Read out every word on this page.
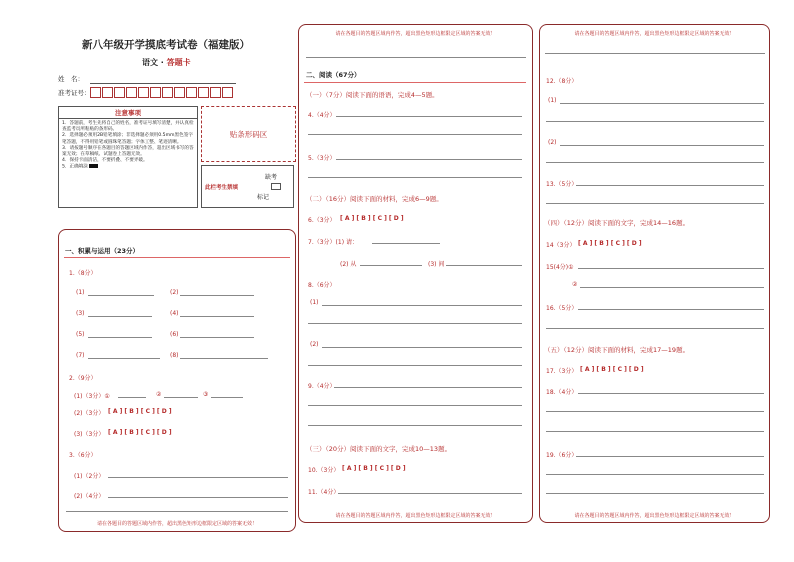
新八年级开学摸底考试卷（福建版）
语文 · 答题卡
姓　名：
准考证号：
注意事项
1．答题前，考生先将自己的姓名，准考证号填写清楚，并认真检查监考员所粘贴的条形码。
2．选择题必须用2B铅笔填涂；非选择题必须用0.5mm黑色签字笔答题，不得用铅笔或圆珠笔答题；字体工整、笔迹清晰。
3．请按题号顺序在各题目的答题区域内作答，超出区域书写的答案无效；在草稿纸、试题卷上答题无效。
4．保持卡面清洁，不要折叠、不要弄破。
5．正确填涂
贴条形码区
此栏考生禁填
缺考
标记
一、积累与运用（23分）
1.（8分）
(1)	(2)
(3)	(4)
(5)	(6)
(7)	(8)
2.（9分）
(1)（3分）①	②	③
(2)（3分） [ A ] [ B ] [ C ] [ D ]
(3)（3分） [ A ] [ B ] [ C ] [ D ]
3.（6分）
(1)（2分）
(2)（4分）
请在各题目的答题区域内作答，超出黑色矩形边框限定区域的答案无效！
请在各题目的答题区域内作答，超出黑色矩形边框限定区域的答案无效！
二、阅读（67分）
（一）（7分）阅读下面的语语，完成4—5题。
4.（4分）
5.（3分）
（二）（16分）阅读下面的材料，完成6—9题。
6.（3分） [ A ] [ B ] [ C ] [ D ]
7.（3分）(1) 请：
(2) 从	(3) 间
8.（6分）
(1)
(2)
9.（4分）
（三）（20分）阅读下面的文字，完成10—13题。
10.（3分） [ A ] [ B ] [ C ] [ D ]
11.（4分）
请在各题目的答题区域内作答，超出黑色矩形边框限定区域的答案无效！
请在各题目的答题区域内作答，超出黑色矩形边框限定区域的答案无效！
12.（8分）
(1)
(2)
13.（5分）
（四）（12分）阅读下面的文字，完成14—16题。
14（3分） [ A ] [ B ] [ C ] [ D ]
15(4分)①
②
16.（5分）
（五）（12分）阅读下面的材料，完成17—19题。
17.（3分） [ A ] [ B ] [ C ] [ D ]
18.（4分）
19.（6分）
请在各题目的答题区域内作答，超出黑色矩形边框限定区域的答案无效！
